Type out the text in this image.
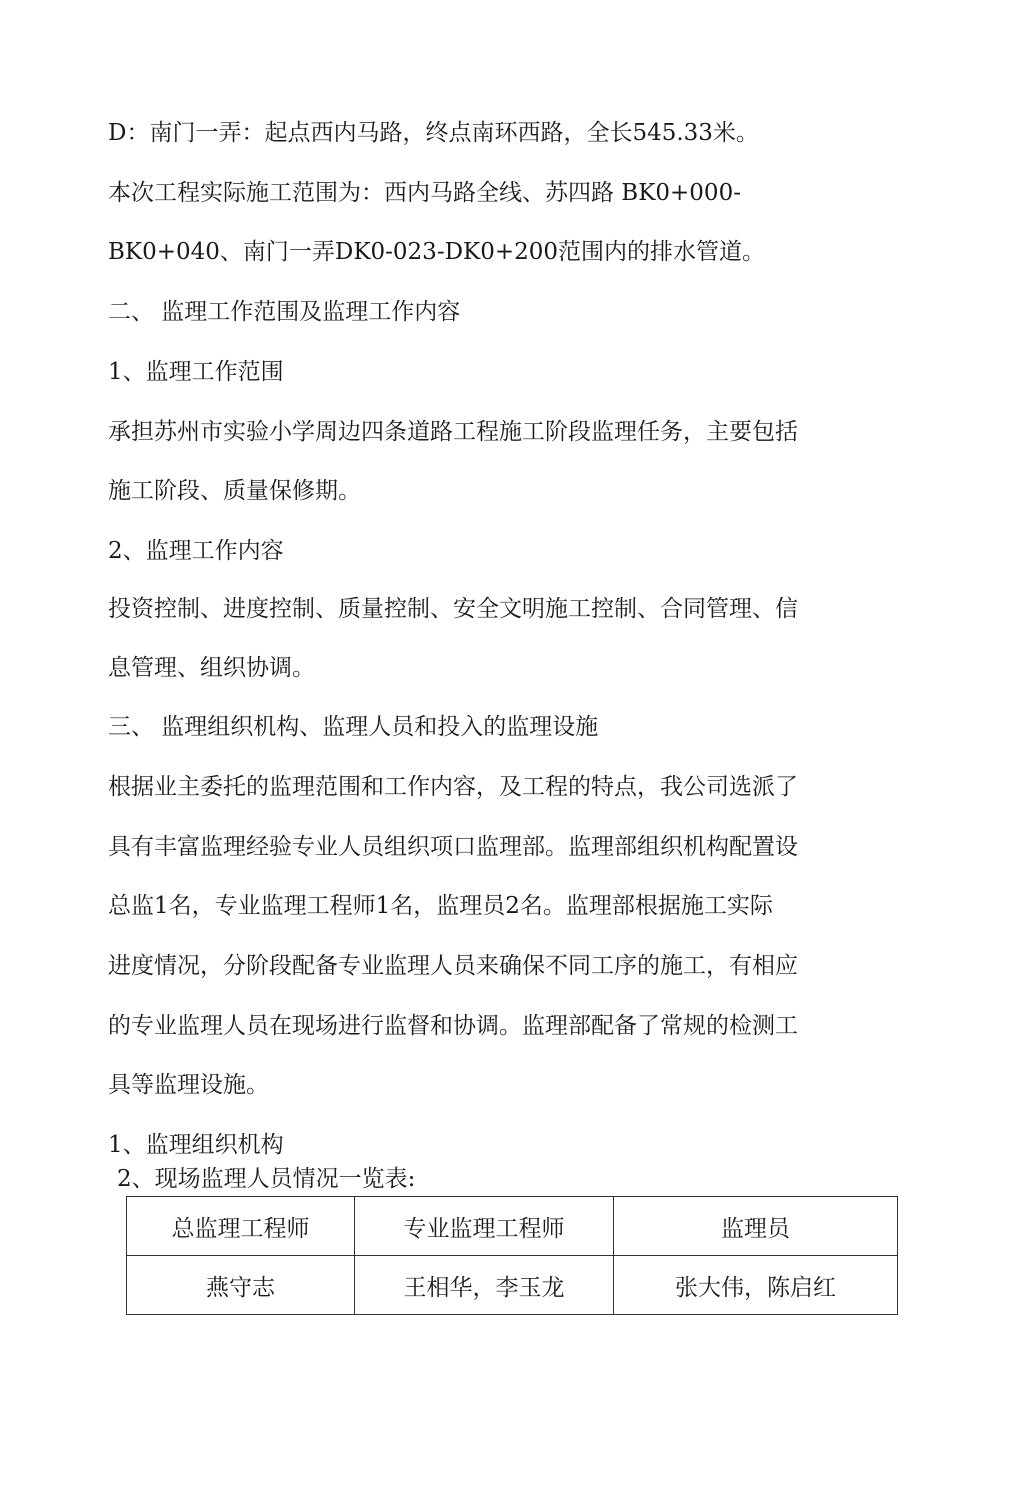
D：南门一弄：起点西内马路，终点南环西路，全长545.33米。
本次工程实际施工范围为：西内马路全线、苏四路 BK0+000-
BK0+040、南门一弄DK0-023-DK0+200范围内的排水管道。
二、 监理工作范围及监理工作内容
1、监理工作范围
承担苏州市实验小学周边四条道路工程施工阶段监理任务，主要包括
施工阶段、质量保修期。
2、监理工作内容
投资控制、进度控制、质量控制、安全文明施工控制、合同管理、信
息管理、组织协调。
三、 监理组织机构、监理人员和投入的监理设施
根据业主委托的监理范围和工作内容，及工程的特点，我公司选派了
具有丰富监理经验专业人员组织项口监理部。监理部组织机构配置设
总监1名，专业监理工程师1名，监理员2名。监理部根据施工实际
进度情况，分阶段配备专业监理人员来确保不同工序的施工，有相应
的专业监理人员在现场进行监督和协调。监理部配备了常规的检测工
具等监理设施。
1、监理组织机构
2、现场监理人员情况一览表:
总监理工程师	专业监理工程师	监理员
燕守志	王相华，李玉龙	张大伟，陈启红
